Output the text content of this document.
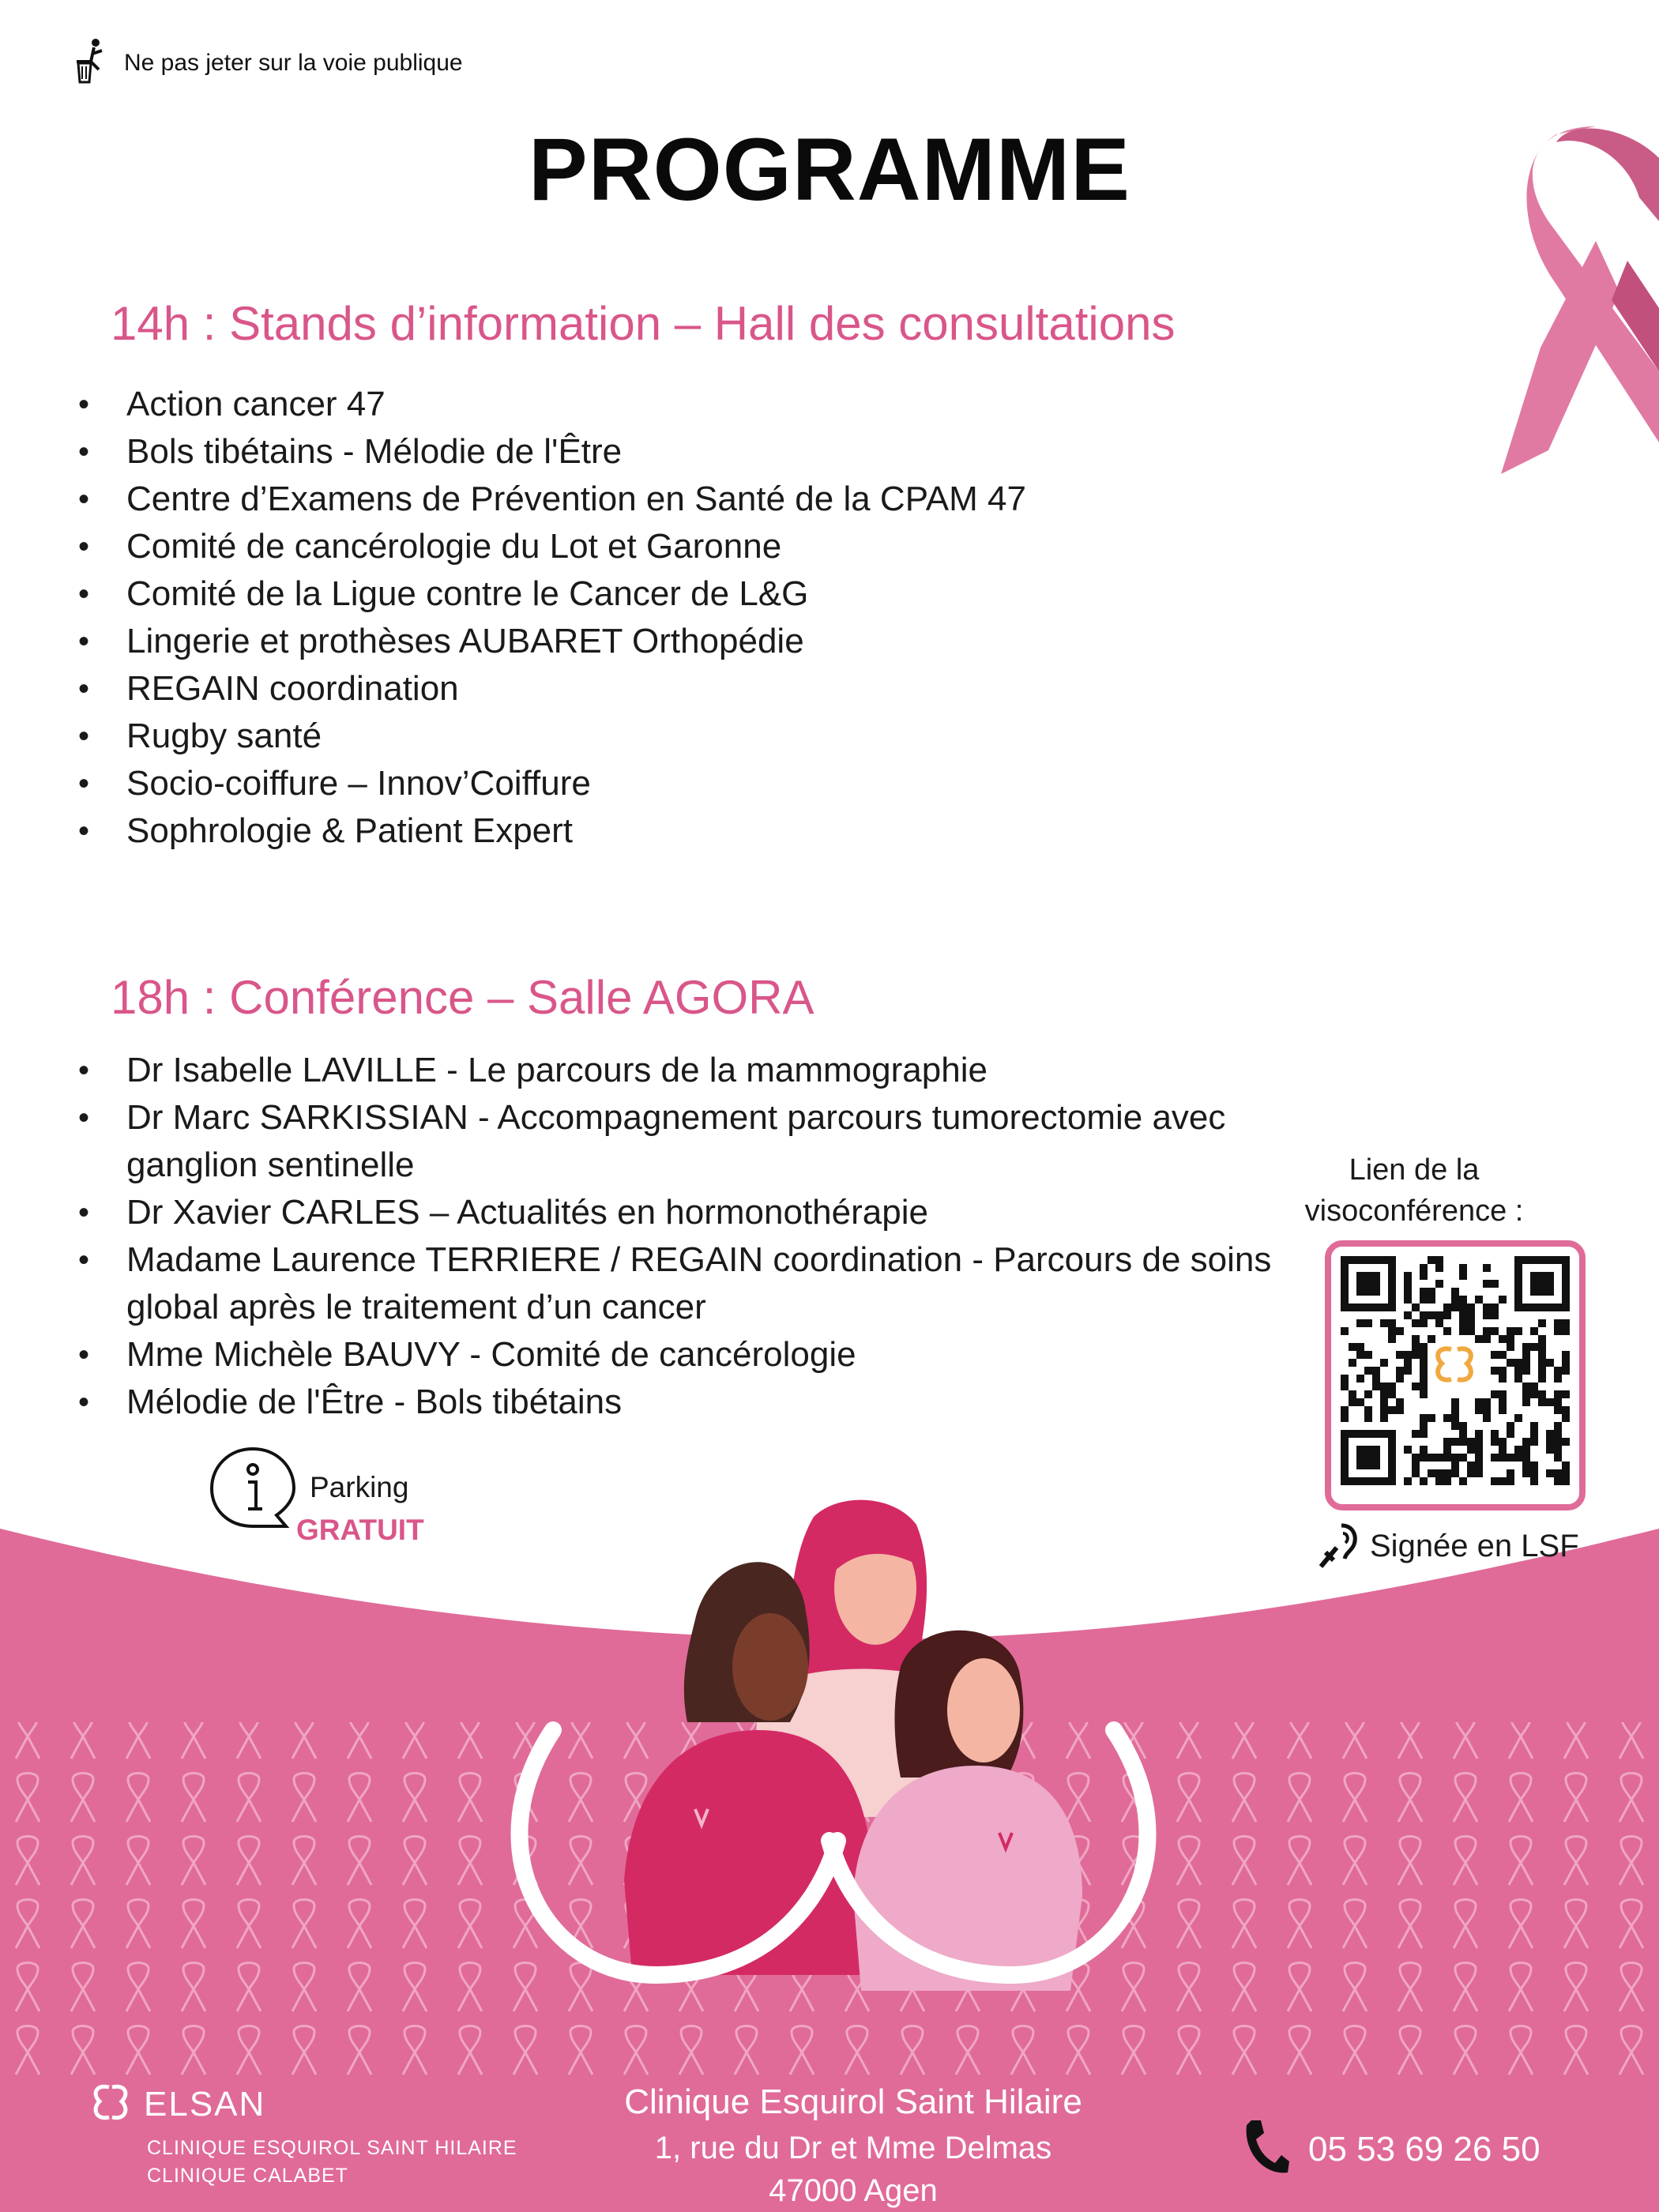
Ne pas jeter sur la voie publique
PROGRAMME
14h : Stands d’information – Hall des consultations
• Action cancer 47
• Bols tibétains - Mélodie de l'Être
• Centre d’Examens de Prévention en Santé de la CPAM 47
• Comité de cancérologie du Lot et Garonne
• Comité de la Ligue contre le Cancer de L&G
• Lingerie et prothèses AUBARET Orthopédie
• REGAIN coordination
• Rugby santé
• Socio-coiffure – Innov’Coiffure
• Sophrologie & Patient Expert
18h : Conférence – Salle AGORA
• Dr Isabelle LAVILLE - Le parcours de la mammographie
• Dr Marc SARKISSIAN - Accompagnement parcours tumorectomie avec ganglion sentinelle
• Dr Xavier CARLES – Actualités en hormonothérapie
• Madame Laurence TERRIERE / REGAIN coordination - Parcours de soins global après le traitement d’un cancer
• Mme Michèle BAUVY - Comité de cancérologie
• Mélodie de l'Être - Bols tibétains
Parking
GRATUIT
Lien de la
visoconférence :
Signée en LSF
ELSAN
CLINIQUE ESQUIROL SAINT HILAIRE
CLINIQUE CALABET
Clinique Esquirol Saint Hilaire
1, rue du Dr et Mme Delmas
47000 Agen
05 53 69 26 50
